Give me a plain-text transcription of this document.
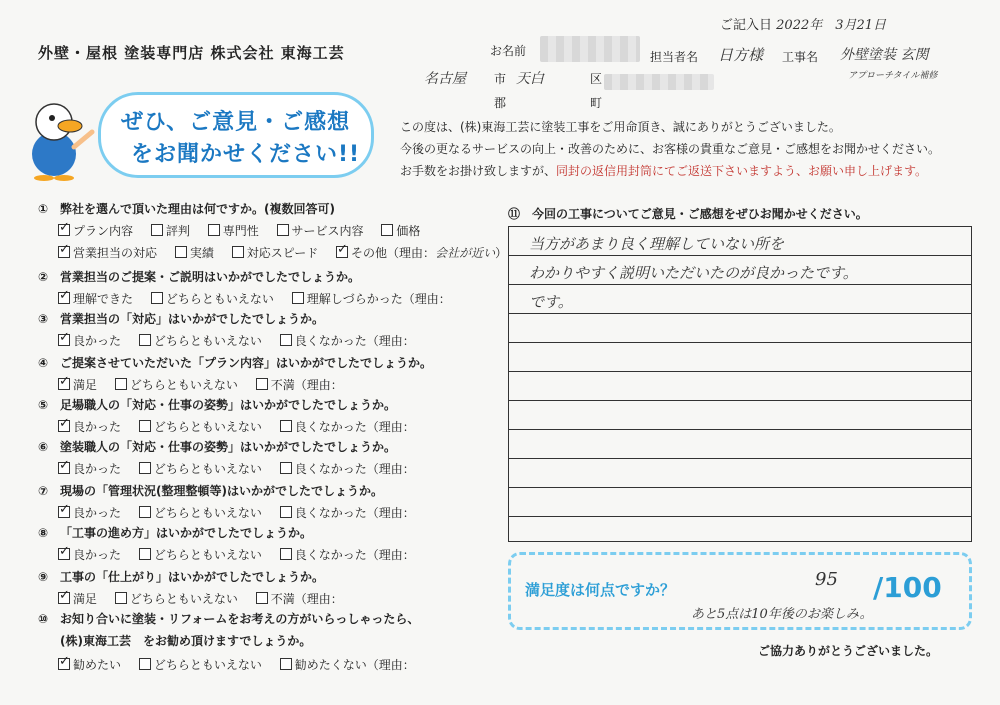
ご記入日 2022年　3月21日
外壁・屋根 塗装専門店 株式会社 東海工芸	お名前	担当者名 日方様 工事名 外壁塗装 玄関
アプローチタイル補修
名古屋 市 天白	区
郡	町
ぜひ、ご意見・ご感想
をお聞かせください!!
この度は、(株)東海工芸に塗装工事をご用命頂き、誠にありがとうございました。
今後の更なるサービスの向上・改善のために、お客様の貴重なご意見・ご感想をお聞かせください。
お手数をお掛け致しますが、同封の返信用封筒にてご返送下さいますよう、お願い申し上げます。
① 弊社を選んで頂いた理由は何ですか。(複数回答可)
✓プラン内容	評判	専門性	サービス内容	価格
✓営業担当の対応	実績	対応スピード ✓	その他（理由：会社が近い）
② 営業担当のご提案・ご説明はいかがでしたでしょうか。
✓理解できた	どちらともいえない	理解しづらかった（理由：
③ 営業担当の「対応」はいかがでしたでしょうか。
✓良かった	どちらともいえない	良くなかった（理由：
④ ご提案させていただいた「プラン内容」はいかがでしたでしょうか。
✓満足	どちらともいえない	不満（理由：
⑤ 足場職人の「対応・仕事の姿勢」はいかがでしたでしょうか。
✓良かった	どちらともいえない	良くなかった（理由：
⑥ 塗装職人の「対応・仕事の姿勢」はいかがでしたでしょうか。
✓良かった	どちらともいえない	良くなかった（理由：
⑦ 現場の「管理状況(整理整頓等)はいかがでしたでしょうか。
✓良かった	どちらともいえない	良くなかった（理由：
⑧ 「工事の進め方」はいかがでしたでしょうか。
✓良かった	どちらともいえない	良くなかった（理由：
⑨ 工事の「仕上がり」はいかがでしたでしょうか。
✓満足	どちらともいえない	不満（理由：
⑩ お知り合いに塗装・リフォームをお考えの方がいらっしゃったら、
(株)東海工芸　をお勧め頂けますでしょうか。
✓勧めたい	どちらともいえない	勧めたくない（理由：
⑪　今回の工事についてご意見・ご感想をぜひお聞かせください。
当方があまり良く理解していない所を
わかりやすく説明いただいたのが良かったです。
です。
満足度は何点ですか？	95 /100
あと5点は10年後のお楽しみ。
ご協力ありがとうございました。
